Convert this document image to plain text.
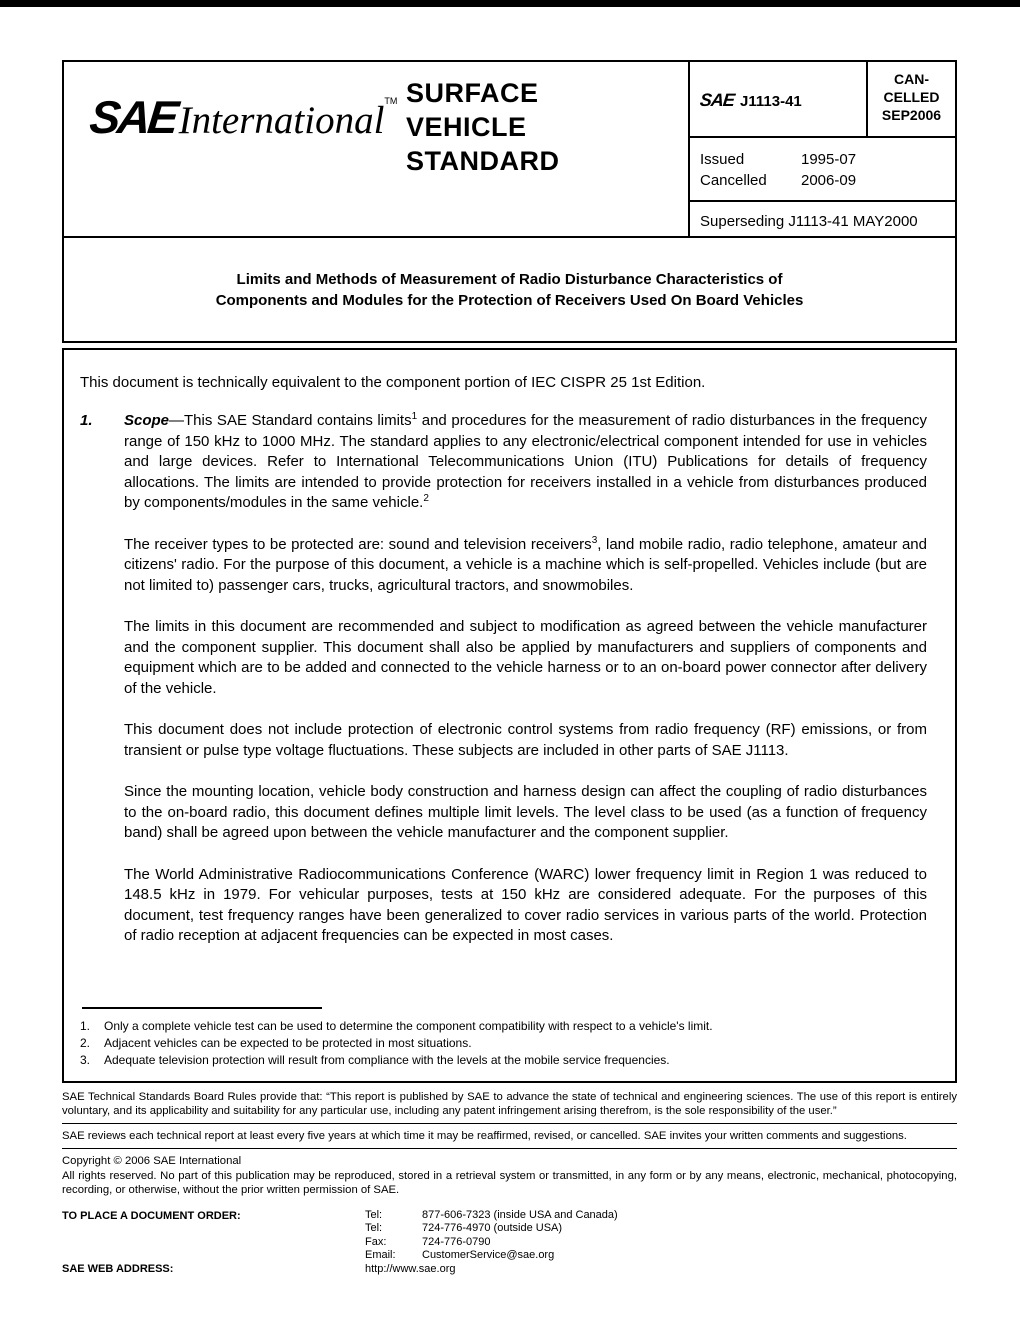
SAEInternational™ SURFACE
VEHICLE
STANDARD
SAE J1113-41
CAN-
CELLED
SEP2006
Issued	1995-07
Cancelled	2006-09
Superseding J1113-41 MAY2000
Limits and Methods of Measurement of Radio Disturbance Characteristics of
Components and Modules for the Protection of Receivers Used On Board Vehicles
This document is technically equivalent to the component portion of IEC CISPR 25 1st Edition.

1. Scope—This SAE Standard contains limits$^1$ and procedures for the measurement of radio disturbances in the frequency range of 150 kHz to 1000 MHz. The standard applies to any electronic/electrical component intended for use in vehicles and large devices. Refer to International Telecommunications Union (ITU) Publications for details of frequency allocations. The limits are intended to provide protection for receivers installed in a vehicle from disturbances produced by components/modules in the same vehicle.$^2$

The receiver types to be protected are: sound and television receivers$^3$, land mobile radio, radio telephone, amateur and citizens' radio. For the purpose of this document, a vehicle is a machine which is self-propelled. Vehicles include (but are not limited to) passenger cars, trucks, agricultural tractors, and snowmobiles.

The limits in this document are recommended and subject to modification as agreed between the vehicle manufacturer and the component supplier. This document shall also be applied by manufacturers and suppliers of components and equipment which are to be added and connected to the vehicle harness or to an on-board power connector after delivery of the vehicle.

This document does not include protection of electronic control systems from radio frequency (RF) emissions, or from transient or pulse type voltage fluctuations. These subjects are included in other parts of SAE J1113.

Since the mounting location, vehicle body construction and harness design can affect the coupling of radio disturbances to the on-board radio, this document defines multiple limit levels. The level class to be used (as a function of frequency band) shall be agreed upon between the vehicle manufacturer and the component supplier.

The World Administrative Radiocommunications Conference (WARC) lower frequency limit in Region 1 was reduced to 148.5 kHz in 1979. For vehicular purposes, tests at 150 kHz are considered adequate. For the purposes of this document, test frequency ranges have been generalized to cover radio services in various parts of the world. Protection of radio reception at adjacent frequencies can be expected in most cases.

1.	Only a complete vehicle test can be used to determine the component compatibility with respect to a vehicle's limit.
2.	Adjacent vehicles can be expected to be protected in most situations.
3.	Adequate television protection will result from compliance with the levels at the mobile service frequencies.
SAE Technical Standards Board Rules provide that: “This report is published by SAE to advance the state of technical and engineering sciences. The use of this report is entirely voluntary, and its applicability and suitability for any particular use, including any patent infringement arising therefrom, is the sole responsibility of the user.”
SAE reviews each technical report at least every five years at which time it may be reaffirmed, revised, or cancelled. SAE invites your written comments and suggestions.
Copyright © 2006 SAE International
All rights reserved. No part of this publication may be reproduced, stored in a retrieval system or transmitted, in any form or by any means, electronic, mechanical, photocopying, recording, or otherwise, without the prior written permission of SAE.
TO PLACE A DOCUMENT ORDER:
SAE WEB ADDRESS:
Tel:	877-606-7323 (inside USA and Canada)
Tel:	724-776-4970 (outside USA)
Fax:	724-776-0790
Email:	CustomerService@sae.org
http://www.sae.org
